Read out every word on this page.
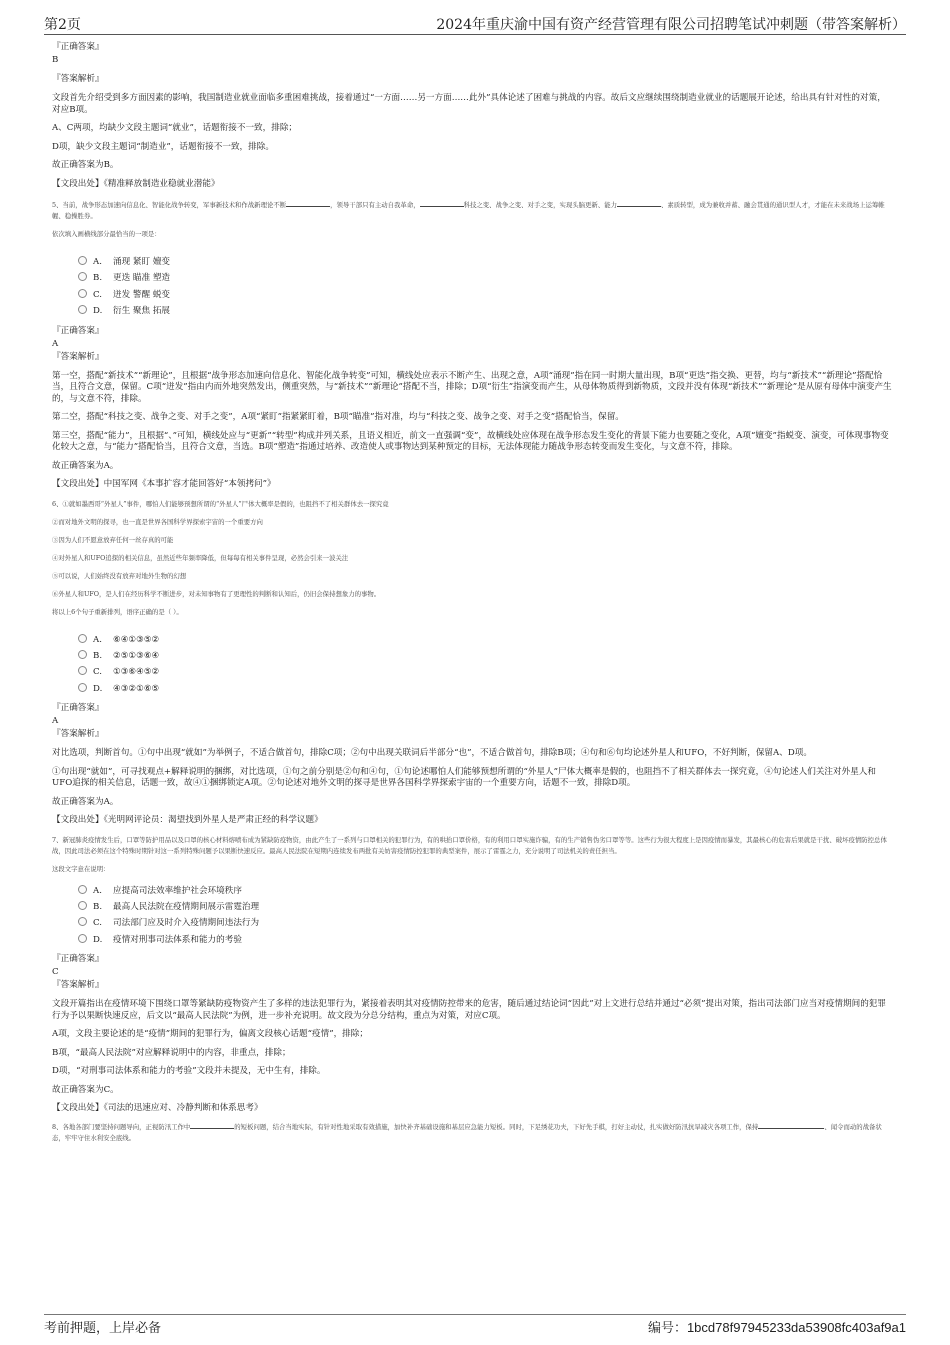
第2页	2024年重庆渝中国有资产经营管理有限公司招聘笔试冲刺题（带答案解析）
『正确答案』
B
『答案解析』

文段首先介绍受到多方面因素的影响，我国制造业就业面临多重困难挑战，接着通过“一方面……另一方面……此外”具体论述了困难与挑战的内容。故后文应继续围绕制造业就业的话题展开论述，给出具有针对性的对策，对应B项。

A、C两项，均缺少文段主题词“就业”，话题衔接不一致，排除；

D项，缺少文段主题词“制造业”，话题衔接不一致，排除。

故正确答案为B。

【文段出处】《精准释放制造业稳就业潜能》

5、当前，战争形态加速向信息化、智能化战争转变，军事新技术和作战新理论不断	，领导干部只有主动自我革命，	科技之变、战争之变、对手之变，实现头脑更新、能力	、素质转型，成为兼收并蓄、融会贯通的通识型人才，才能在未来战场上运筹帷幄、稳操胜券。

依次填入画横线部分最恰当的一项是：

A. 涌现 紧盯 嬗变
B. 更迭 瞄准 塑造
C. 迸发 警醒 蜕变
D. 衍生 聚焦 拓展
『正确答案』
A
『答案解析』

第一空，搭配“新技术”“新理论”，且根据“战争形态加速向信息化、智能化战争转变”可知，横线处应表示不断产生、出现之意，A项“涌现”指在同一时期大量出现，B项“更迭”指交换、更替，均与“新技术”“新理论”搭配恰当，且符合文意，保留。C项“迸发”指由内而外地突然发出，侧重突然，与“新技术”“新理论”搭配不当，排除；D项“衍生”指演变而产生，从母体物质得到新物质，文段并没有体现“新技术”“新理论”是从原有母体中演变产生的，与文意不符，排除。

第二空，搭配“科技之变、战争之变、对手之变”，A项“紧盯”指紧紧盯着，B项“瞄准”指对准，均与“科技之变、战争之变、对手之变”搭配恰当，保留。

第三空，搭配“能力”，且根据“、”可知，横线处应与“更新”“转型”构成并列关系，且语义相近，前文一直强调“变”，故横线处应体现在战争形态发生变化的背景下能力也要随之变化，A项“嬗变”指蜕变、演变，可体现事物变化较大之意，与“能力”搭配恰当，且符合文意，当选。B项“塑造”指通过培养、改造使人或事物达到某种预定的目标，无法体现能力随战争形态转变而发生变化，与文意不符，排除。

故正确答案为A。

【文段出处】中国军网《本事扩容才能回答好“本领拷问”》

6、①就如墨西哥“外星人”事件，哪怕人们能够预想所谓的“外星人”尸体大概率是假的，也阻挡不了相关群体去一探究竟

②而对地外文明的探寻，也一直是世界各国科学界探索宇宙的一个重要方向

③因为人们不愿意放弃任何一丝存真的可能

④对外星人和UFO追探的相关信息，虽然近些年频率降低，但每每有相关事件呈现，必然会引来一波关注

⑤可以说，人们始终没有放弃对地外生物的幻想

⑥外星人和UFO，是人们在经历科学不断进步，对未知事物有了更理性的判断和认知后，仍旧会保持想象力的事物。

将以上6个句子重新排列，语序正确的是（ ）。

A. ⑥④①③⑤②
B. ②⑤①③⑥④
C. ①③⑥④⑤②
D. ④③②①⑥⑤
『正确答案』
A
『答案解析』

对比选项，判断首句。①句中出现“就如”为举例子，不适合做首句，排除C项；②句中出现关联词后半部分“也”，不适合做首句，排除B项；④句和⑥句均论述外星人和UFO，不好判断，保留A、D项。

①句出现“就如”，可寻找观点+解释说明的捆绑，对比选项，①句之前分别是②句和④句，①句论述哪怕人们能够预想所谓的“外星人”尸体大概率是假的，也阻挡不了相关群体去一探究竟，④句论述人们关注对外星人和UFO追探的相关信息，话题一致，故④①捆绑锁定A项。②句论述对地外文明的探寻是世界各国科学界探索宇宙的一个重要方向，话题不一致，排除D项。

故正确答案为A。

【文段出处】《光明网评论员：渴望找到外星人是严肃正经的科学议题》

7、新冠肺炎疫情发生后，口罩等防护用品以及口罩的核心材料熔喷布成为紧缺防疫物资，由此产生了一系列与口罩相关的犯罪行为，有的哄抬口罩价格，有的利用口罩实施诈骗，有的生产销售伪劣口罩等等。这些行为很大程度上是因疫情而暴发，其最核心的危害后果就是干扰、破坏疫情防控总体战，因此司法必须在这个特殊时期针对这一系列特殊问题予以果断快速反应。最高人民法院在短期内连续发布两批有关妨害疫情防控犯罪的典型案件，展示了雷霆之力，充分说明了司法机关的责任担当。

这段文字意在说明：

A. 应提高司法效率维护社会环境秩序
B. 最高人民法院在疫情期间展示雷霆治理
C. 司法部门应及时介入疫情期间违法行为
D. 疫情对刑事司法体系和能力的考验
『正确答案』
C
『答案解析』

文段开篇指出在疫情环境下围绕口罩等紧缺防疫物资产生了多样的违法犯罪行为，紧接着表明其对疫情防控带来的危害，随后通过结论词“因此”对上文进行总结并通过“必须”提出对策，指出司法部门应当对疫情期间的犯罪行为予以果断快速反应，后文以“最高人民法院”为例，进一步补充说明。故文段为分总分结构，重点为对策，对应C项。

A项，文段主要论述的是“疫情”期间的犯罪行为，偏离文段核心话题“疫情”，排除；

B项，“最高人民法院”对应解释说明中的内容，非重点，排除；

D项，“对刑事司法体系和能力的考验”文段并未提及，无中生有，排除。

故正确答案为C。

【文段出处】《司法的迅速应对、冷静判断和体系思考》

8、各地各部门要坚持问题导向，正视防汛工作中	的短板问题，结合当地实际，有针对性地采取有效措施，加快补齐基础设施和基层应急能力短板。同时，下足绣花功夫，下好先手棋，打好主动仗，扎实做好防汛抗旱减灾各项工作，保持	、闻令而动的战备状态，牢牢守住水利安全底线。

考前押题，上岸必备	编号：1bcd78f97945233da53908fc403af9a1
